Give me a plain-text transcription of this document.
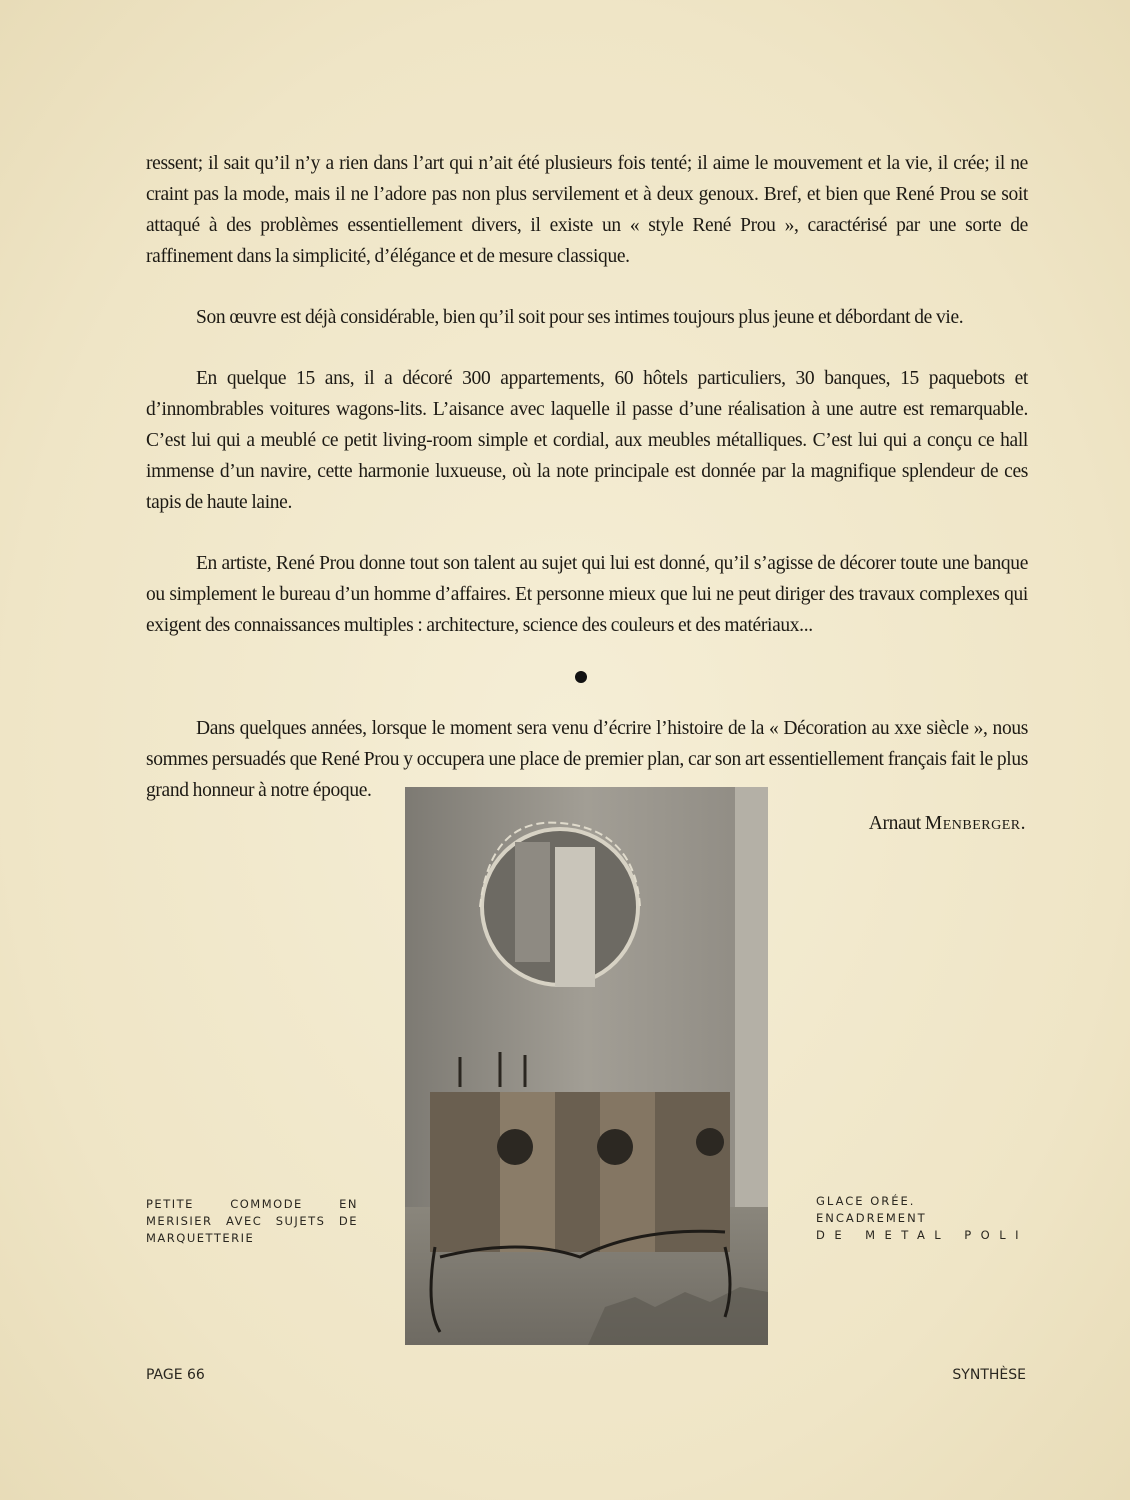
ressent; il sait qu’il n’y a rien dans l’art qui n’ait été plusieurs fois tenté; il aime le mouvement et la vie, il crée; il ne craint pas la mode, mais il ne l’adore pas non plus servilement et à deux genoux. Bref, et bien que René Prou se soit attaqué à des problèmes essentiellement divers, il existe un « style René Prou », caractérisé par une sorte de raffinement dans la simplicité, d’élégance et de mesure classique.

Son œuvre est déjà considérable, bien qu’il soit pour ses intimes toujours plus jeune et débordant de vie.

En quelque 15 ans, il a décoré 300 appartements, 60 hôtels particuliers, 30 banques, 15 paquebots et d’innombrables voitures wagons-lits. L’aisance avec laquelle il passe d’une réalisation à une autre est remarquable. C’est lui qui a meublé ce petit living-room simple et cordial, aux meubles métalliques. C’est lui qui a conçu ce hall immense d’un navire, cette harmonie luxueuse, où la note principale est donnée par la magnifique splendeur de ces tapis de haute laine.

En artiste, René Prou donne tout son talent au sujet qui lui est donné, qu’il s’agisse de décorer toute une banque ou simplement le bureau d’un homme d’affaires. Et personne mieux que lui ne peut diriger des travaux complexes qui exigent des connaissances multiples : architecture, science des couleurs et des matériaux...

Dans quelques années, lorsque le moment sera venu d’écrire l’histoire de la « Décoration au xxe siècle », nous sommes persuadés que René Prou y occupera une place de premier plan, car son art essentiellement français fait le plus grand honneur à notre époque.

Arnaut Menberger.
PETITE COMMODE EN MERISIER AVEC SUJETS DE MARQUETTERIE
GLACE ORÉE. ENCADREMENT
DE METAL POLI
PAGE 66	SYNTHÈSE
